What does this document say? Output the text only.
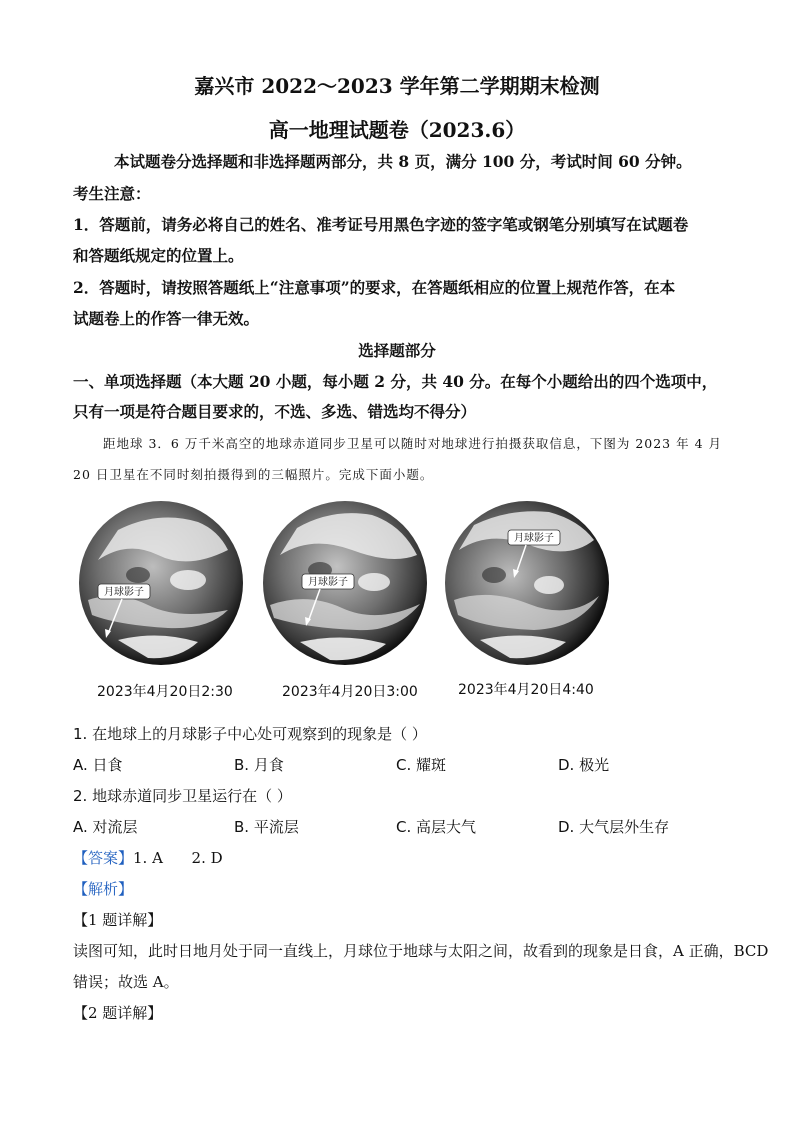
嘉兴市 2022～2023 学年第二学期期末检测
高一地理试题卷（2023.6）
本试题卷分选择题和非选择题两部分，共 8 页，满分 100 分，考试时间 60 分钟。
考生注意：
1．答题前，请务必将自己的姓名、准考证号用黑色字迹的签字笔或钢笔分别填写在试题卷
和答题纸规定的位置上。
2．答题时，请按照答题纸上“注意事项”的要求，在答题纸相应的位置上规范作答，在本
试题卷上的作答一律无效。
选择题部分
一、单项选择题（本大题 20 小题，每小题 2 分，共 40 分。在每个小题给出的四个选项中，
只有一项是符合题目要求的，不选、多选、错选均不得分）
距地球 3．6 万千米高空的地球赤道同步卫星可以随时对地球进行拍摄获取信息，下图为 2023 年 4 月
20 日卫星在不同时刻拍摄得到的三幅照片。完成下面小题。
月球影子
月球影子
月球影子
2023年4月20日2:30	2023年4月20日3:00	2023年4月20日4:40
1. 在地球上的月球影子中心处可观察到的现象是（ ）
A. 日食	B. 月食	C. 耀斑	D. 极光
2. 地球赤道同步卫星运行在（ ）
A. 对流层	B. 平流层	C. 高层大气	D. 大气层外生存
【答案】1. A      2. D
【解析】
【1 题详解】
读图可知，此时日地月处于同一直线上，月球位于地球与太阳之间，故看到的现象是日食，A 正确，BCD
错误；故选 A。
【2 题详解】
